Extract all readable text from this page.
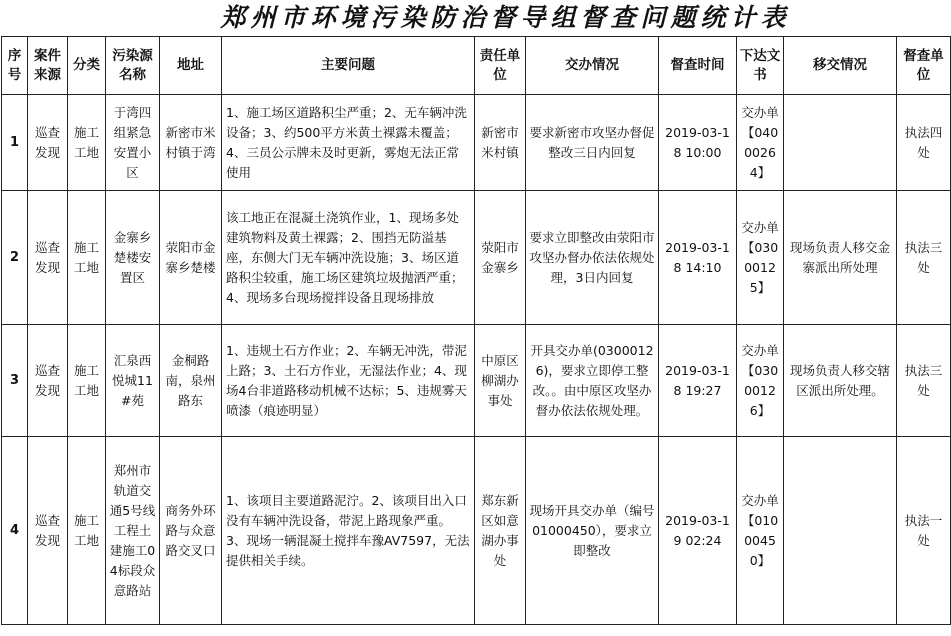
郑州市环境污染防治督导组督查问题统计表
序号	案件来源	分类	污染源名称	地址	主要问题	责任单位	交办情况	督查时间	下达文书	移交情况	督查单位
1	巡查发现	施工工地	于湾四组紧急安置小区	新密市米村镇于湾	1、施工场区道路积尘严重；2、无车辆冲洗设备；3、约500平方米黄土裸露未覆盖；4、三员公示牌未及时更新，雾炮无法正常使用	新密市米村镇	要求新密市攻坚办督促整改三日内回复	2019-03-18 10:00	交办单【04000264】		执法四处
2	巡查发现	施工工地	金寨乡楚楼安置区	荥阳市金寨乡楚楼	该工地正在混凝土浇筑作业，1、现场多处建筑物料及黄土裸露；2、围挡无防溢基座，东侧大门无车辆冲洗设施；3、场区道路积尘较重，施工场区建筑垃圾抛洒严重；4、现场多台现场搅拌设备且现场排放	荥阳市金寨乡	要求立即整改由荥阳市攻坚办督办依法依规处理，3日内回复	2019-03-18 14:10	交办单【03000125】	现场负责人移交金寨派出所处理	执法三处
3	巡查发现	施工工地	汇泉西悦城11#苑	金桐路南，泉州路东	1、违规土石方作业；2、车辆无冲洗，带泥上路；3、土石方作业，无湿法作业；4、现场4台非道路移动机械不达标；5、违规雾天喷漆（痕迹明显）	中原区柳湖办事处	开具交办单(03000126)，要求立即停工整改。。由中原区攻坚办督办依法依规处理。	2019-03-18 19:27	交办单【03000126】	现场负责人移交辖区派出所处理。	执法三处
4	巡查发现	施工工地	郑州市轨道交通5号线工程土建施工04标段众意路站	商务外环路与众意路交叉口	1、该项目主要道路泥泞。2、该项目出入口没有车辆冲洗设备，带泥上路现象严重。3、现场一辆混凝土搅拌车豫AV7597，无法提供相关手续。	郑东新区如意湖办事处	现场开具交办单（编号01000450），要求立即整改	2019-03-19 02:24	交办单【01000450】		执法一处
